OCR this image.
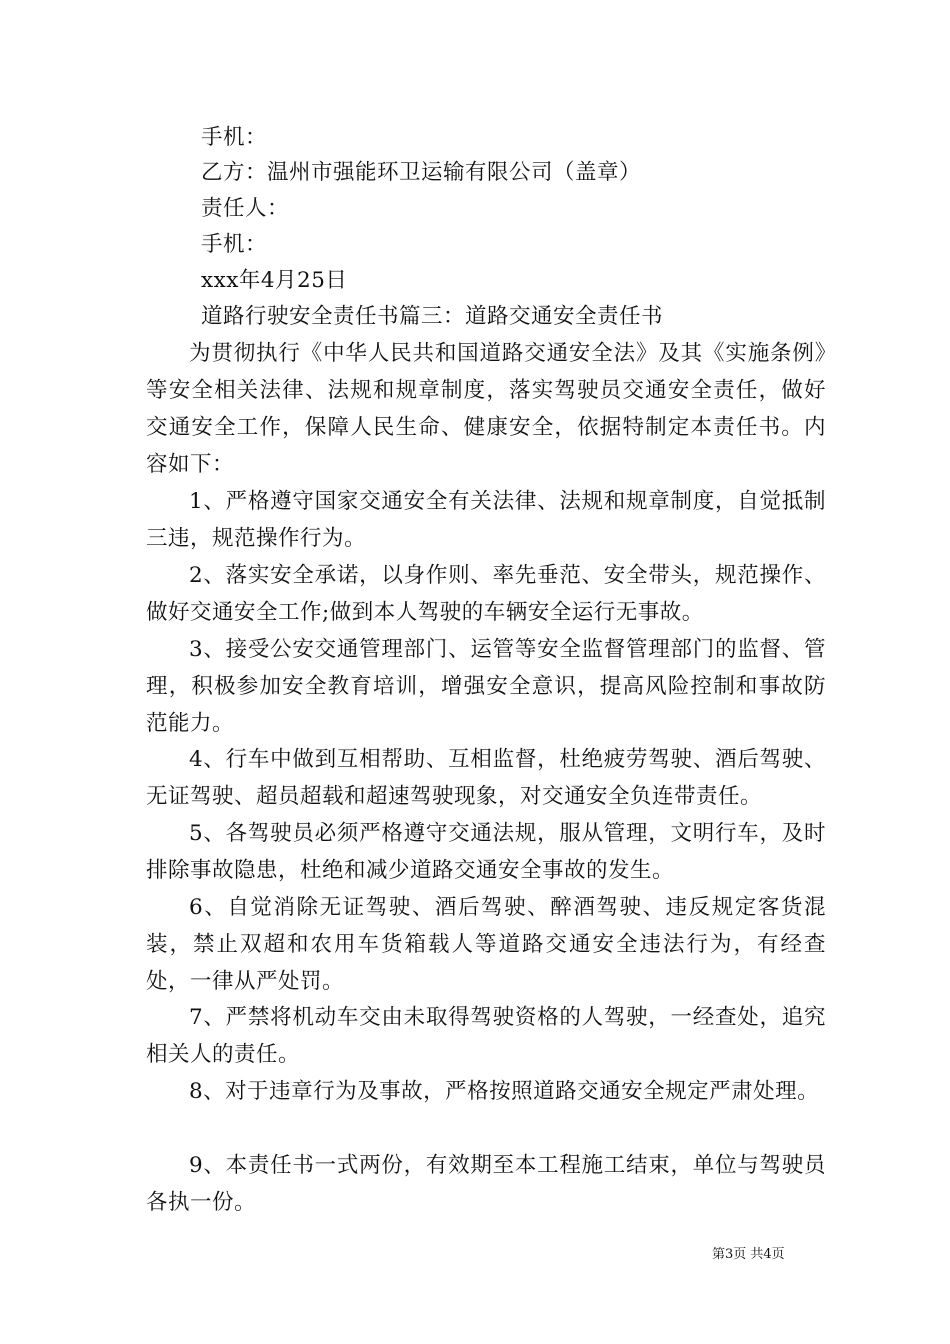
手机：
乙方：温州市强能环卫运输有限公司（盖章）
责任人：
手机：
xxx年4月25日
道路行驶安全责任书篇三：道路交通安全责任书
为贯彻执行《中华人民共和国道路交通安全法》及其《实施条例》等安全相关法律、法规和规章制度，落实驾驶员交通安全责任，做好交通安全工作，保障人民生命、健康安全，依据特制定本责任书。内容如下：
1、严格遵守国家交通安全有关法律、法规和规章制度，自觉抵制三违，规范操作行为。
2、落实安全承诺，以身作则、率先垂范、安全带头，规范操作、做好交通安全工作;做到本人驾驶的车辆安全运行无事故。
3、接受公安交通管理部门、运管等安全监督管理部门的监督、管理，积极参加安全教育培训，增强安全意识，提高风险控制和事故防范能力。
4、行车中做到互相帮助、互相监督，杜绝疲劳驾驶、酒后驾驶、无证驾驶、超员超载和超速驾驶现象，对交通安全负连带责任。
5、各驾驶员必须严格遵守交通法规，服从管理，文明行车，及时排除事故隐患，杜绝和减少道路交通安全事故的发生。
6、自觉消除无证驾驶、酒后驾驶、醉酒驾驶、违反规定客货混装，禁止双超和农用车货箱载人等道路交通安全违法行为，有经查处，一律从严处罚。
7、严禁将机动车交由未取得驾驶资格的人驾驶，一经查处，追究相关人的责任。
8、对于违章行为及事故，严格按照道路交通安全规定严肃处理。
9、本责任书一式两份，有效期至本工程施工结束，单位与驾驶员各执一份。
第3页 共4页
